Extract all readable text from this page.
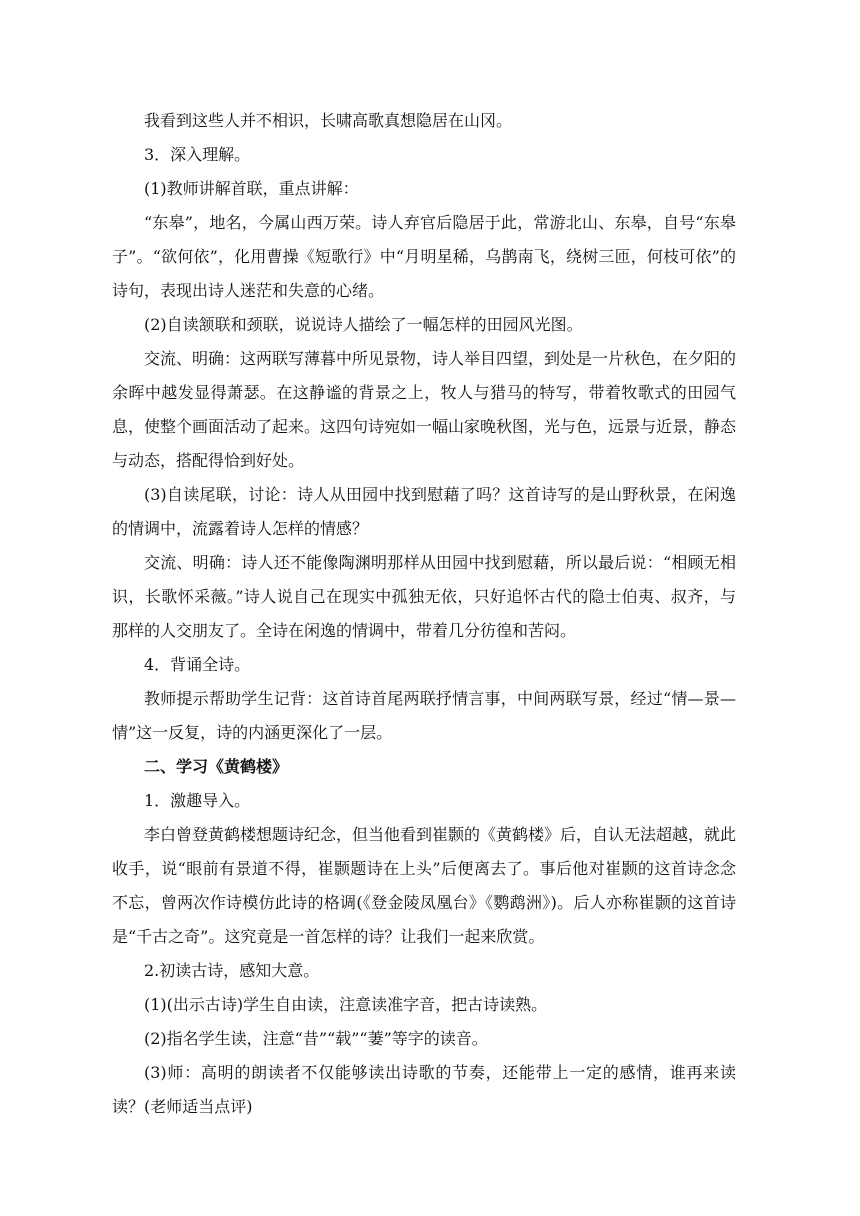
我看到这些人并不相识，长啸高歌真想隐居在山冈。

3．深入理解。

(1)教师讲解首联，重点讲解：

“东皋”，地名，今属山西万荣。诗人弃官后隐居于此，常游北山、东皋，自号“东皋子”。“欲何依”，化用曹操《短歌行》中“月明星稀，乌鹊南飞，绕树三匝，何枝可依”的诗句，表现出诗人迷茫和失意的心绪。

(2)自读颔联和颈联，说说诗人描绘了一幅怎样的田园风光图。

交流、明确：这两联写薄暮中所见景物，诗人举目四望，到处是一片秋色，在夕阳的余晖中越发显得萧瑟。在这静谧的背景之上，牧人与猎马的特写，带着牧歌式的田园气息，使整个画面活动了起来。这四句诗宛如一幅山家晚秋图，光与色，远景与近景，静态与动态，搭配得恰到好处。

(3)自读尾联，讨论：诗人从田园中找到慰藉了吗？这首诗写的是山野秋景，在闲逸的情调中，流露着诗人怎样的情感？

交流、明确：诗人还不能像陶渊明那样从田园中找到慰藉，所以最后说：“相顾无相识，长歌怀采薇。”诗人说自己在现实中孤独无依，只好追怀古代的隐士伯夷、叔齐，与那样的人交朋友了。全诗在闲逸的情调中，带着几分彷徨和苦闷。

4．背诵全诗。

教师提示帮助学生记背：这首诗首尾两联抒情言事，中间两联写景，经过“情—景—情”这一反复，诗的内涵更深化了一层。

二、学习《黄鹤楼》

1．激趣导入。

李白曾登黄鹤楼想题诗纪念，但当他看到崔颢的《黄鹤楼》后，自认无法超越，就此收手，说“眼前有景道不得，崔颢题诗在上头”后便离去了。事后他对崔颢的这首诗念念不忘，曾两次作诗模仿此诗的格调(《登金陵凤凰台》《鹦鹉洲》)。后人亦称崔颢的这首诗是“千古之奇”。这究竟是一首怎样的诗？让我们一起来欣赏。

2.初读古诗，感知大意。

(1)(出示古诗)学生自由读，注意读准字音，把古诗读熟。

(2)指名学生读，注意“昔”“载”“萋”等字的读音。

(3)师：高明的朗读者不仅能够读出诗歌的节奏，还能带上一定的感情，谁再来读读？(老师适当点评)
